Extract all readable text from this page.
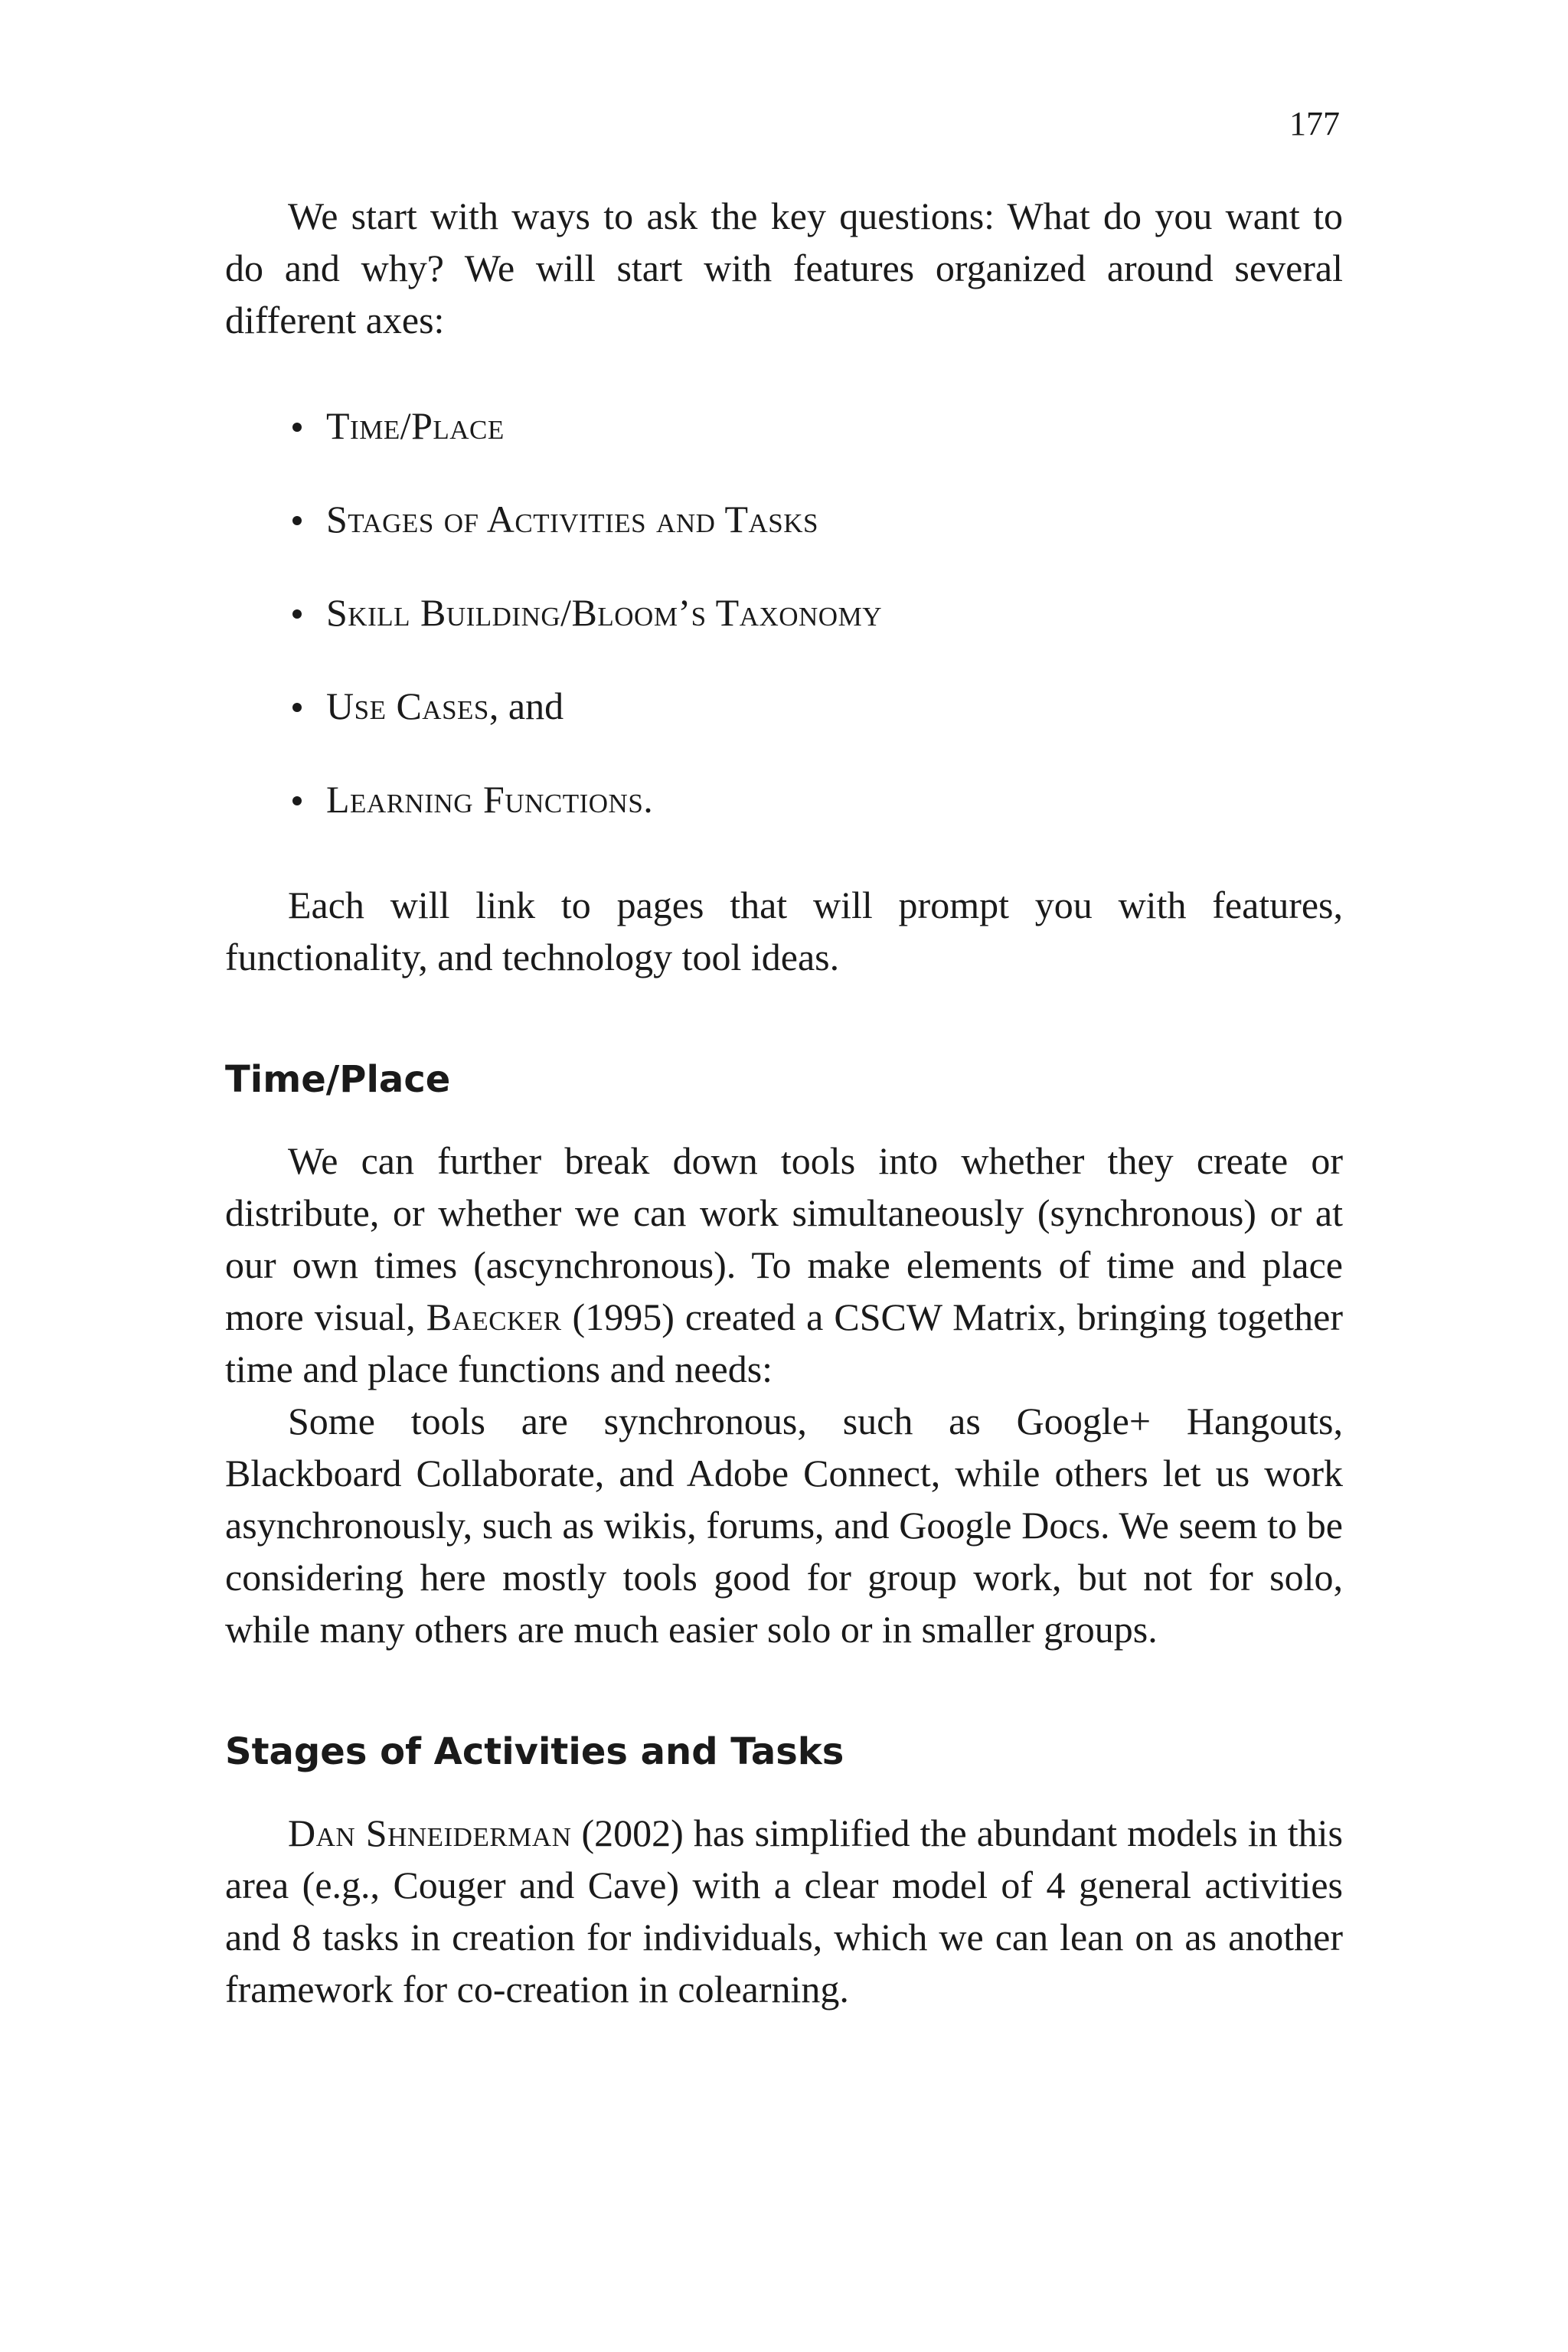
177

We start with ways to ask the key questions: What do you want to do and why? We will start with features organized around several different axes:

Time/Place
Stages of Activities and Tasks
Skill Building/Bloom’s Taxonomy
Use Cases, and
Learning Functions.

Each will link to pages that will prompt you with features, functionality, and technology tool ideas.

Time/Place

We can further break down tools into whether they create or distribute, or whether we can work simultaneously (synchronous) or at our own times (ascynchronous). To make elements of time and place more visual, Baecker (1995) created a CSCW Matrix, bringing together time and place functions and needs:

Some tools are synchronous, such as Google+ Hangouts, Blackboard Collaborate, and Adobe Connect, while others let us work asynchronously, such as wikis, forums, and Google Docs. We seem to be considering here mostly tools good for group work, but not for solo, while many others are much easier solo or in smaller groups.

Stages of Activities and Tasks

Dan Shneiderman (2002) has simplified the abundant models in this area (e.g., Couger and Cave) with a clear model of 4 general activities and 8 tasks in creation for individuals, which we can lean on as another framework for co-creation in colearning.
